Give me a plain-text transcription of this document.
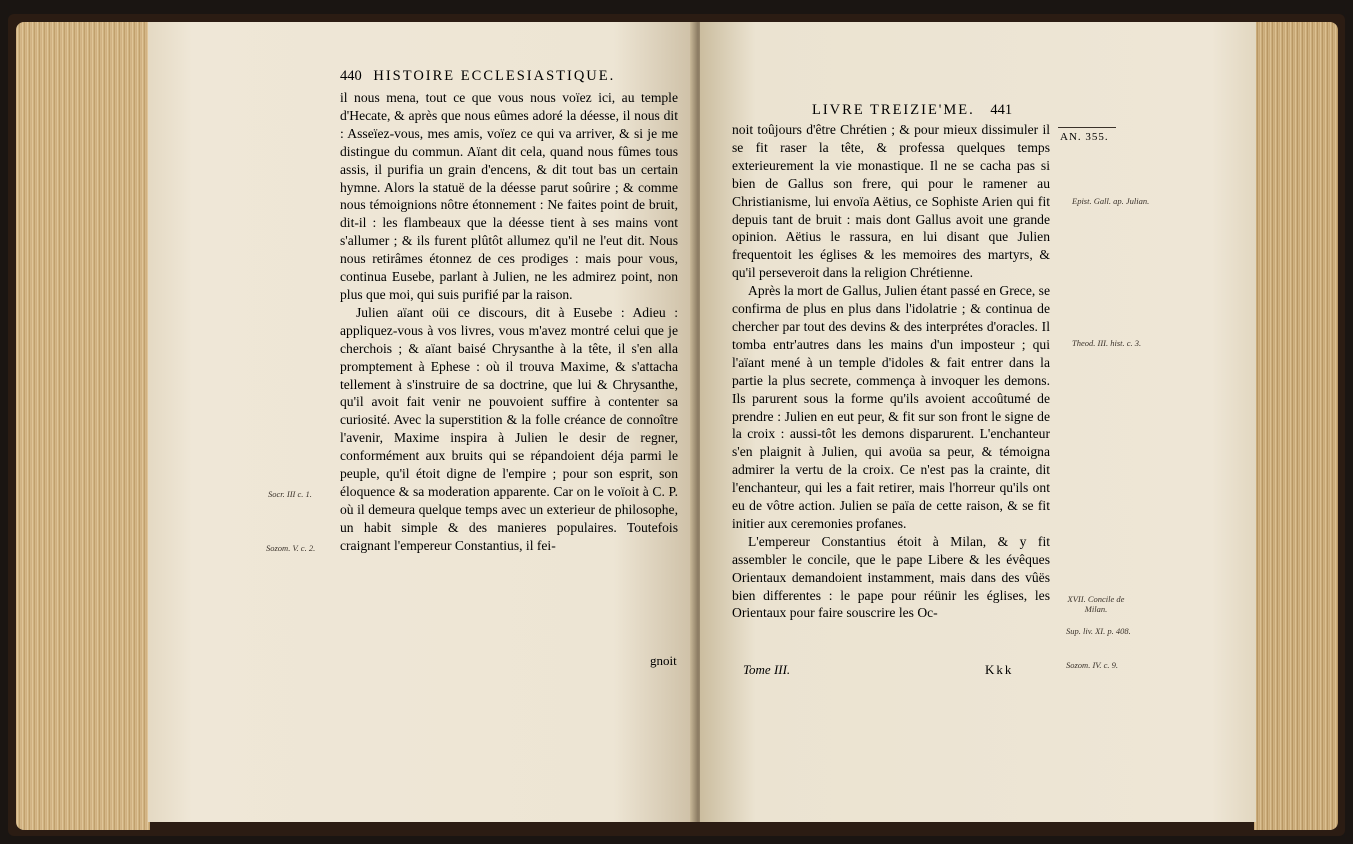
440 HISTOIRE ECCLESIASTIQUE.

il nous mena, tout ce que vous nous voïez ici, au temple d'Hecate, & après que nous eûmes adoré la déesse, il nous dit : Asseïez-vous, mes amis, voïez ce qui va arriver, & si je me distingue du commun. Aïant dit cela, quand nous fûmes tous assis, il purifia un grain d'encens, & dit tout bas un certain hymne. Alors la statuë de la déesse parut soûrire ; & comme nous témoignions nôtre étonnement : Ne faites point de bruit, dit-il : les flambeaux que la déesse tient à ses mains vont s'allumer ; & ils furent plûtôt allumez qu'il ne l'eut dit. Nous nous retirâmes étonnez de ces prodiges : mais pour vous, continua Eusebe, parlant à Julien, ne les admirez point, non plus que moi, qui suis purifié par la raison.

Julien aïant oüi ce discours, dit à Eusebe : Adieu : appliquez-vous à vos livres, vous m'avez montré celui que je cherchois ; & aïant baisé Chrysanthe à la tête, il s'en alla promptement à Ephese : où il trouva Maxime, & s'attacha tellement à s'instruire de sa doctrine, que lui & Chrysanthe, qu'il avoit fait venir ne pouvoient suffire à contenter sa curiosité. Avec la superstition & la folle créance de connoître l'avenir, Maxime inspira à Julien le desir de regner, conformément aux bruits qui se répandoient déja parmi le peuple, qu'il étoit digne de l'empire ; pour son esprit, son éloquence & sa moderation apparente. Car on le voïoit à C. P. où il demeura quelque temps avec un exterieur de philosophe, un habit simple & des manieres populaires. Toutefois craignant l'empereur Constantius, il fei-

gnoit
Socr. III c. 1.
Sozom. V. c. 2.
LIVRE TREIZIE'ME. 441
AN. 355.

noit toûjours d'être Chrétien ; & pour mieux dissimuler il se fit raser la tête, & professa quelques temps exterieurement la vie monastique. Il ne se cacha pas si bien de Gallus son frere, qui pour le ramener au Christianisme, lui envoïa Aëtius, ce Sophiste Arien qui fit depuis tant de bruit : mais dont Gallus avoit une grande opinion. Aëtius le rassura, en lui disant que Julien frequentoit les églises & les memoires des martyrs, & qu'il perseveroit dans la religion Chrétienne.

Après la mort de Gallus, Julien étant passé en Grece, se confirma de plus en plus dans l'idolatrie ; & continua de chercher par tout des devins & des interprétes d'oracles. Il tomba entr'autres dans les mains d'un imposteur ; qui l'aïant mené à un temple d'idoles & fait entrer dans la partie la plus secrete, commença à invoquer les demons. Ils parurent sous la forme qu'ils avoient accoûtumé de prendre : Julien en eut peur, & fit sur son front le signe de la croix : aussi-tôt les demons disparurent. L'enchanteur s'en plaignit à Julien, qui avoüa sa peur, & témoigna admirer la vertu de la croix. Ce n'est pas la crainte, dit l'enchanteur, qui les a fait retirer, mais l'horreur qu'ils ont eu de vôtre action. Julien se païa de cette raison, & se fit initier aux ceremonies profanes.

L'empereur Constantius étoit à Milan, & y fit assembler le concile, que le pape Libere & les évêques Orientaux demandoient instamment, mais dans des vûës bien differentes : le pape pour réünir les églises, les Orientaux pour faire souscrire les Oc-

Epist. Gall. ap. Julian.
Theod. III. hist. c. 3.
XVII. Concile de Milan.
Sup. liv. XI. p. 408.
Sozom. IV. c. 9.
Tome III.	Kkk
